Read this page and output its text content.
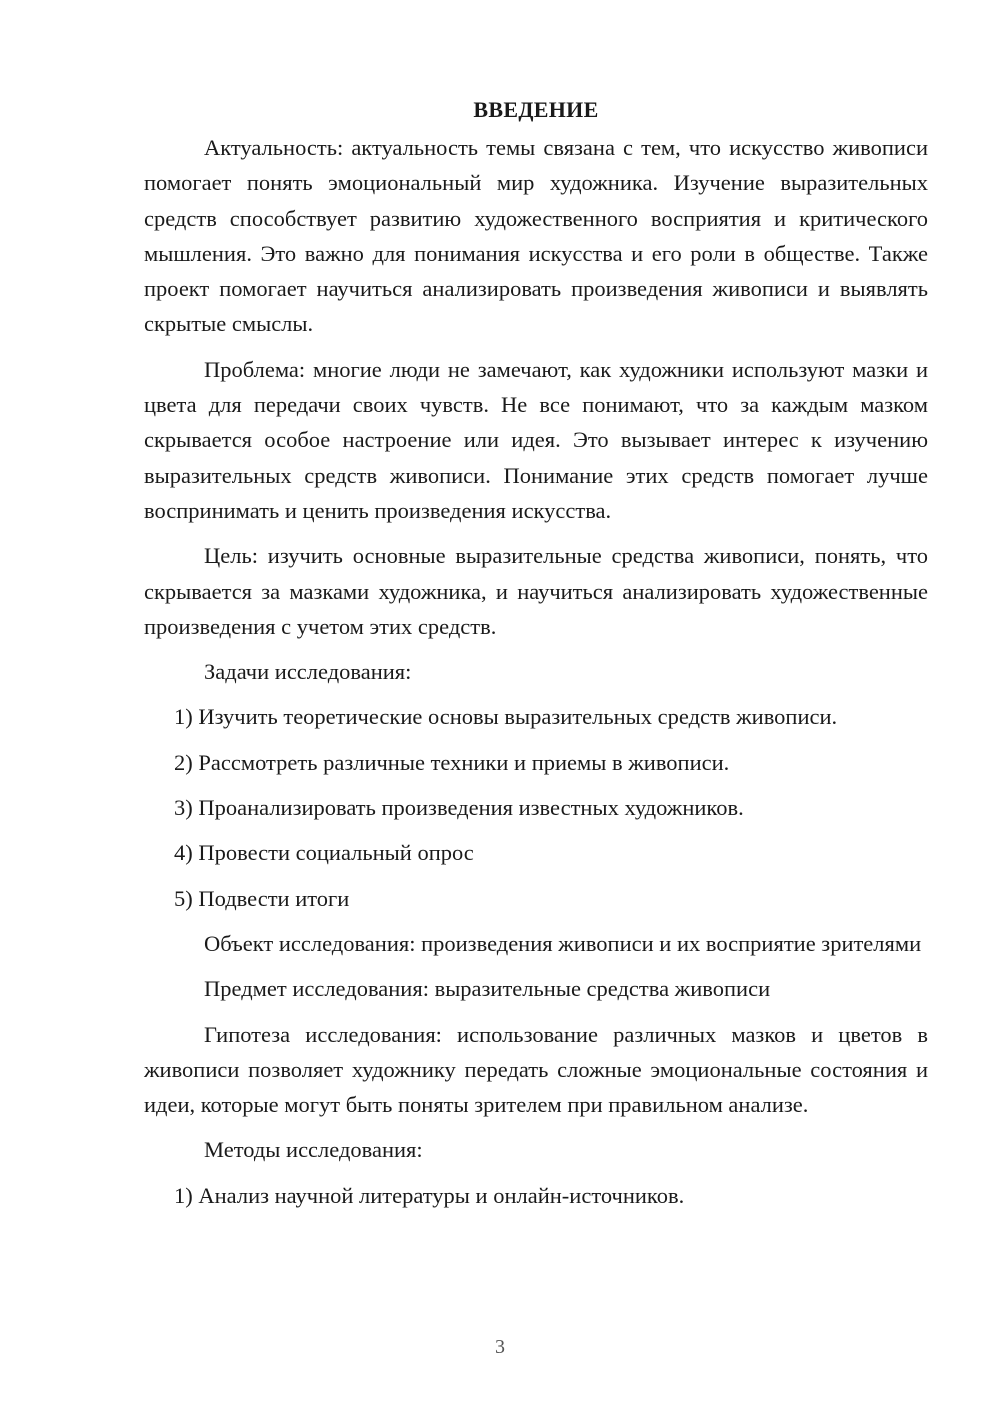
ВВЕДЕНИЕ

Актуальность: актуальность темы связана с тем, что искусство живописи помогает понять эмоциональный мир художника. Изучение выразительных средств способствует развитию художественного восприятия и критического мышления. Это важно для понимания искусства и его роли в обществе. Также проект помогает научиться анализировать произведения живописи и выявлять скрытые смыслы.

Проблема: многие люди не замечают, как художники используют мазки и цвета для передачи своих чувств. Не все понимают, что за каждым мазком скрывается особое настроение или идея. Это вызывает интерес к изучению выразительных средств живописи. Понимание этих средств помогает лучше воспринимать и ценить произведения искусства.

Цель: изучить основные выразительные средства живописи, понять, что скрывается за мазками художника, и научиться анализировать художественные произведения с учетом этих средств.

Задачи исследования:

1) Изучить теоретические основы выразительных средств живописи.
2) Рассмотреть различные техники и приемы в живописи.
3) Проанализировать произведения известных художников.
4) Провести социальный опрос
5) Подвести итоги

Объект исследования: произведения живописи и их восприятие зрителями

Предмет исследования: выразительные средства живописи

Гипотеза исследования: использование различных мазков и цветов в живописи позволяет художнику передать сложные эмоциональные состояния и идеи, которые могут быть поняты зрителем при правильном анализе.

Методы исследования:

1) Анализ научной литературы и онлайн-источников.
3
